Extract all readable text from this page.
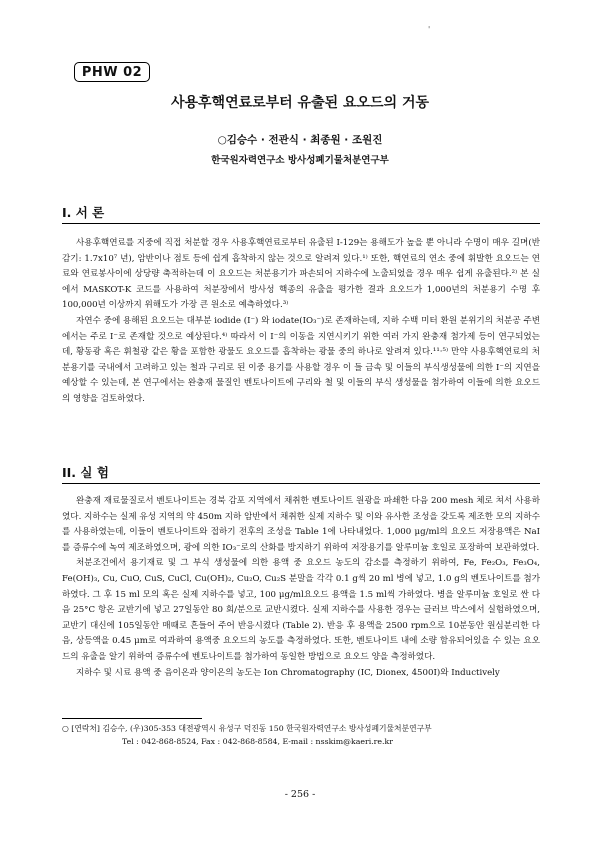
'
PHW 02
사용후핵연료로부터 유출된 요오드의 거동
○김승수 · 전관식 · 최종원 · 조원진
한국원자력연구소 방사성폐기물처분연구부
I. 서 론

사용후핵연료를 지중에 직접 처분할 경우 사용후핵연료로부터 유출된 I-129는 용해도가 높을 뿐 아니라 수명이 매우 길며(반감기: 1.7x10⁷ 년), 암반이나 점토 등에 쉽게 흡착하지 않는 것으로 알려져 있다.¹⁾ 또한, 핵연료의 연소 중에 휘발한 요오드는 연료와 연료봉사이에 상당량 축적하는데 이 요오드는 처분용기가 파손되어 지하수에 노출되었을 경우 매우 쉽게 유출된다.²⁾ 본 실에서 MASKOT-K 코드를 사용하여 처분장에서 방사성 핵종의 유출을 평가한 결과 요오드가 1,000년의 처분용기 수명 후 100,000년 이상까지 위해도가 가장 큰 원소로 예측하였다.³⁾

자연수 중에 용해된 요오드는 대부분 iodide (I⁻) 와 iodate(IO₃⁻)로 존재하는데, 지하 수백 미터 환원 분위기의 처분공 주변에서는 주로 I⁻로 존재할 것으로 예상된다.⁴⁾ 따라서 이 I⁻의 이동을 지연시키기 위한 여러 가지 완충재 첨가제 등이 연구되었는데, 황동광 혹은 휘철광 같은 황을 포함한 광물도 요오드를 흡착하는 광물 중의 하나로 알려져 있다.¹¹·⁵⁾ 만약 사용후핵연료의 처분용기를 국내에서 고려하고 있는 철과 구리로 된 이중 용기를 사용할 경우 이 들 금속 및 이들의 부식생성물에 의한 I⁻의 지연을 예상할 수 있는데, 본 연구에서는 완충재 물질인 벤토나이트에 구리와 철 및 이들의 부식 생성물을 첨가하여 이들에 의한 요오드의 영향을 검토하였다.

II. 실 험

완충재 재료물질로서 벤토나이트는 경북 감포 지역에서 채취한 벤토나이트 원광을 파쇄한 다음 200 mesh 체로 쳐서 사용하였다. 지하수는 실제 유성 지역의 약 450m 지하 암반에서 채취한 실제 지하수 및 이와 유사한 조성을 갖도록 제조한 모의 지하수를 사용하였는데, 이들이 벤토나이트와 접하기 전후의 조성을 Table 1에 나타내었다. 1,000 μg/ml의 요오드 저장용액은 NaI를 증류수에 녹여 제조하였으며, 광에 의한 IO₃⁻로의 산화를 방지하기 위하여 저장용기를 알루미늄 호일로 포장하여 보관하였다.

처분조건에서 용기재료 및 그 부식 생성물에 의한 용액 중 요오드 농도의 감소를 측정하기 위하여, Fe, Fe₂O₃, Fe₃O₄, Fe(OH)₃, Cu, CuO, CuS, CuCl, Cu(OH)₂, Cu₂O, Cu₂S 분말을 각각 0.1 g씩 20 ml 병에 넣고, 1.0 g의 벤토나이트를 첨가하였다. 그 후 15 ml 모의 혹은 실제 지하수를 넣고, 100 μg/ml요오드 용액을 1.5 ml씩 가하였다. 병을 알루미늄 호일로 싼 다음 25°C 항온 교반기에 넣고 27일동안 80 회/분으로 교반시켰다. 실제 지하수를 사용한 경우는 글러브 박스에서 실험하였으며, 교반기 대신에 105일동안 매때로 흔들어 주어 반응시켰다 (Table 2). 반응 후 용액을 2500 rpm으로 10분동안 원심분리한 다음, 상등액을 0.45 μm로 여과하여 용액중 요오드의 농도를 측정하였다. 또한, 벤토나이트 내에 소량 함유되어있을 수 있는 요오드의 유출을 알기 위하여 증류수에 벤토나이트를 첨가하여 동일한 방법으로 요오드 양을 측정하였다.

지하수 및 시료 용액 중 음이온과 양이온의 농도는 Ion Chromatography (IC, Dionex, 4500I)와 Inductively

○ [연락처] 김승수, (우)305-353 대전광역시 유성구 덕진동 150 한국원자력연구소 방사성폐기물처분연구부
Tel : 042-868-8524, Fax : 042-868-8584, E-mail : nsskim@kaeri.re.kr
- 256 -
